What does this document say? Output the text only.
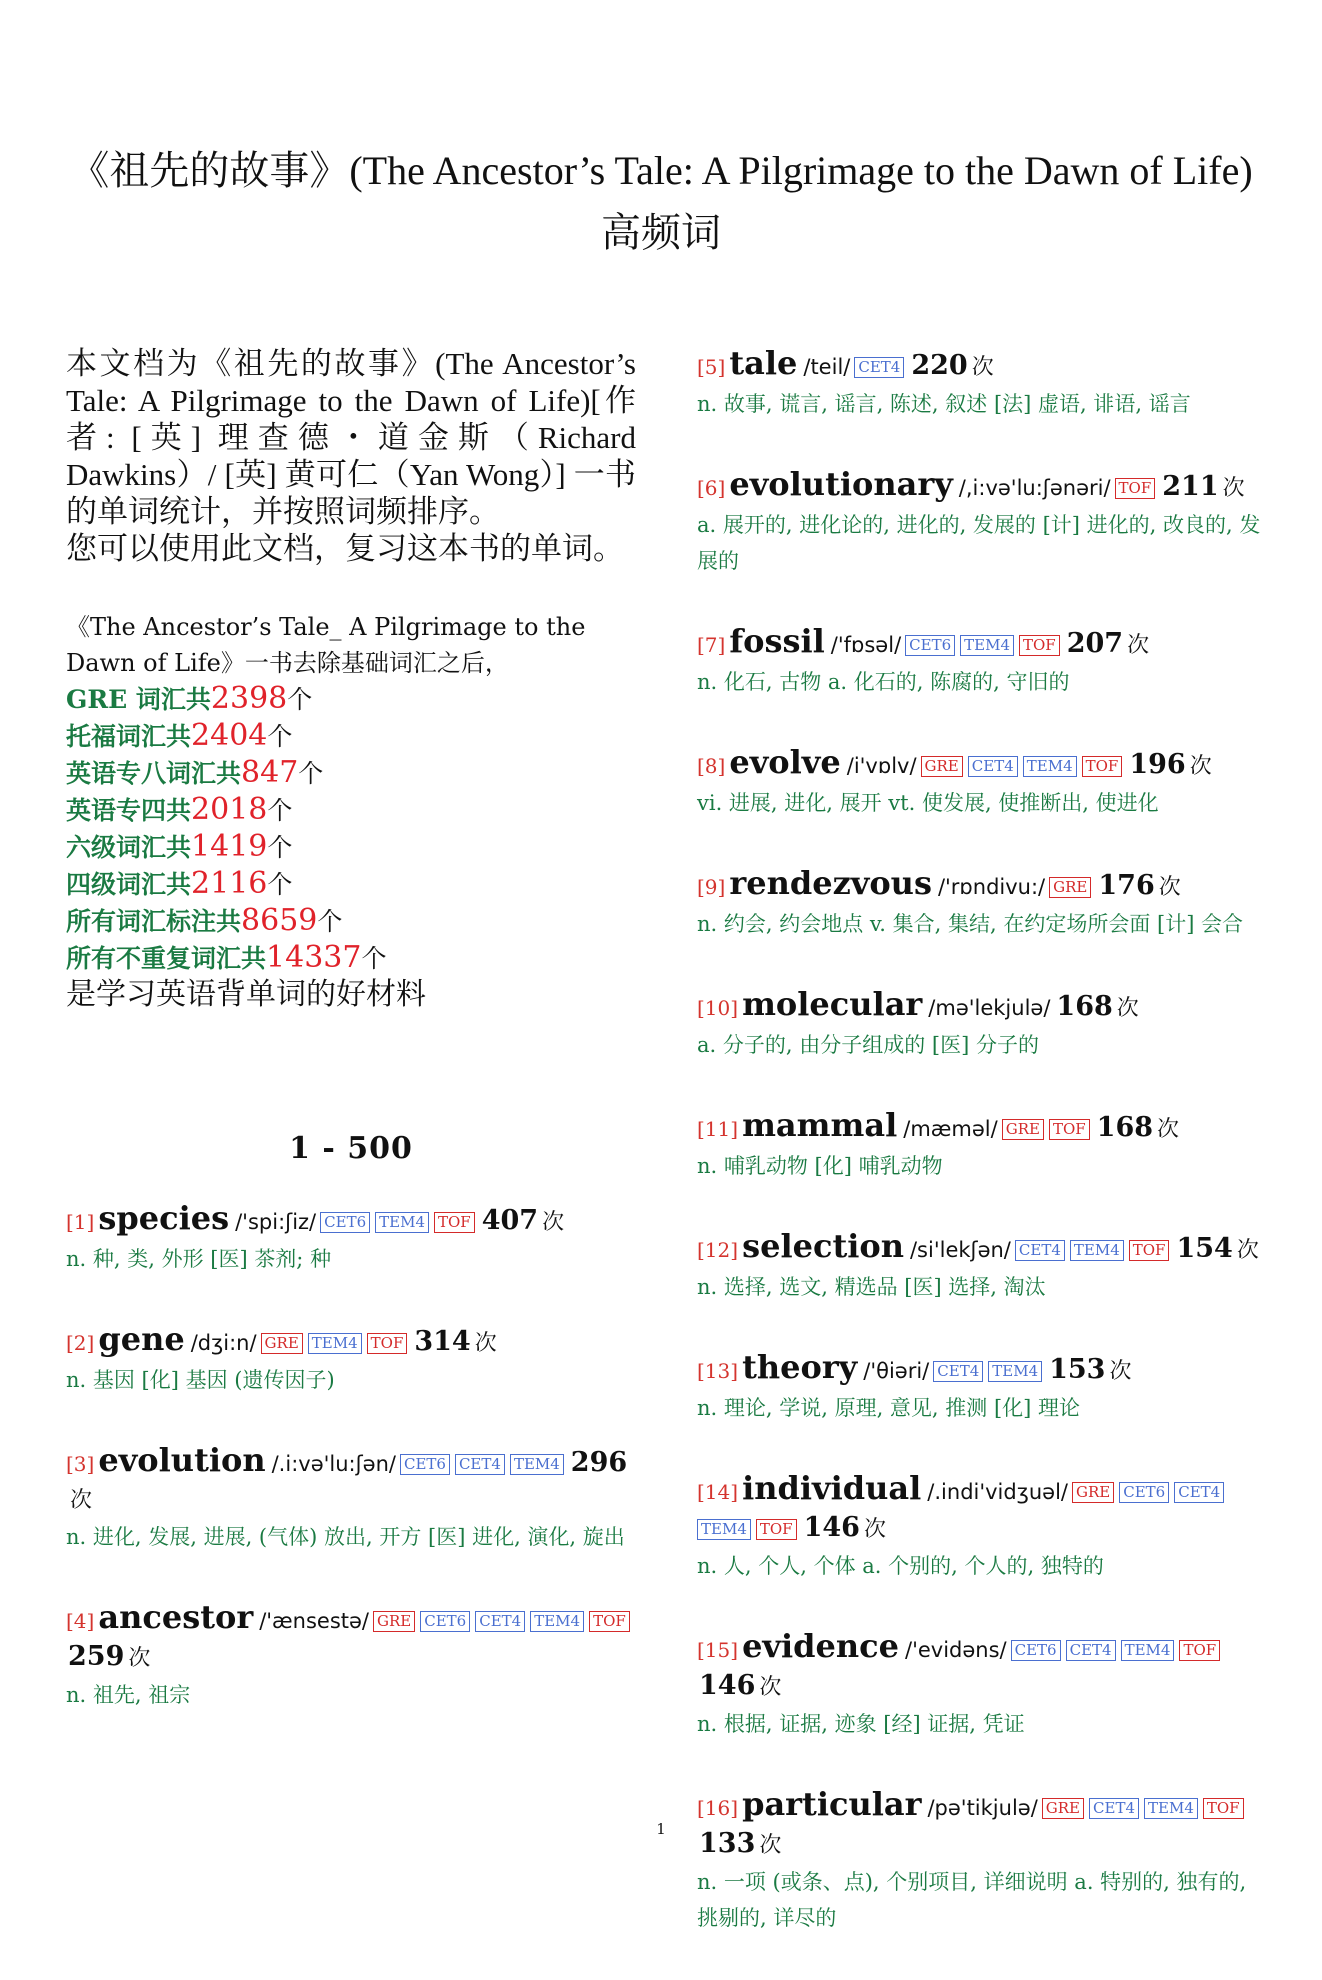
《祖先的故事》(The Ancestor’s Tale: A Pilgrimage to the Dawn of Life) 高频词

本文档为《祖先的故事》(The Ancestor’s Tale: A Pilgrimage to the Dawn of Life)[作者: [英] 理查德・道金斯（Richard Dawkins）/ [英] 黄可仁（Yan Wong）] 一书的单词统计，并按照词频排序。

您可以使用此文档，复习这本书的单词。

《The Ancestor’s Tale_ A Pilgrimage to the Dawn of Life》一书去除基础词汇之后，
GRE 词汇共2398个
托福词汇共2404个
英语专八词汇共847个
英语专四共2018个
六级词汇共1419个
四级词汇共2116个
所有词汇标注共8659个
所有不重复词汇共14337个
是学习英语背单词的好材料
1 - 500
[1] species /'spi:ʃiz/ CET6 TEM4 TOF 407 次
n. 种, 类, 外形 [医] 茶剂; 种
[2] gene /dʒi:n/ GRE TEM4 TOF 314 次
n. 基因 [化] 基因 (遗传因子)
[3] evolution /.i:və'lu:ʃən/ CET6 CET4 TEM4 296次
n. 进化, 发展, 进展, (气体) 放出, 开方 [医] 进化, 演化, 旋出
[4] ancestor /'ænsestə/ GRE CET6 CET4 TEM4 TOF259 次
n. 祖先, 祖宗
[5] tale /teil/ CET4 220 次
n. 故事, 谎言, 谣言, 陈述, 叙述 [法] 虚语, 诽语, 谣言
[6] evolutionary /,i:və'lu:ʃənəri/ TOF 211 次
a. 展开的, 进化论的, 进化的, 发展的 [计] 进化的, 改良的, 发展的
[7] fossil /'fɒsəl/ CET6 TEM4 TOF 207 次
n. 化石, 古物 a. 化石的, 陈腐的, 守旧的
[8] evolve /i'vɒlv/ GRE CET4 TEM4 TOF 196 次
vi. 进展, 进化, 展开 vt. 使发展, 使推断出, 使进化
[9] rendezvous /'rɒndivu:/ GRE 176 次
n. 约会, 约会地点 v. 集合, 集结, 在约定场所会面 [计] 会合
[10] molecular /mə'lekjulə/ 168 次
a. 分子的, 由分子组成的 [医] 分子的
[11] mammal /mæməl/ GRE TOF 168 次
n. 哺乳动物 [化] 哺乳动物
[12] selection /si'lekʃən/ CET4 TEM4 TOF 154 次
n. 选择, 选文, 精选品 [医] 选择, 淘汰
[13] theory /'θiəri/ CET4 TEM4 153 次
n. 理论, 学说, 原理, 意见, 推测 [化] 理论
[14] individual /.indi'vidʒuəl/ GRE CET6 CET4TEM4 TOF 146 次
n. 人, 个人, 个体 a. 个别的, 个人的, 独特的
[15] evidence /'evidəns/ CET6 CET4 TEM4 TOF146 次
n. 根据, 证据, 迹象 [经] 证据, 凭证
[16] particular /pə'tikjulə/ GRE CET4 TEM4 TOF133 次
n. 一项 (或条、点), 个别项目, 详细说明 a. 特别的, 独有的, 挑剔的, 详尽的
1
